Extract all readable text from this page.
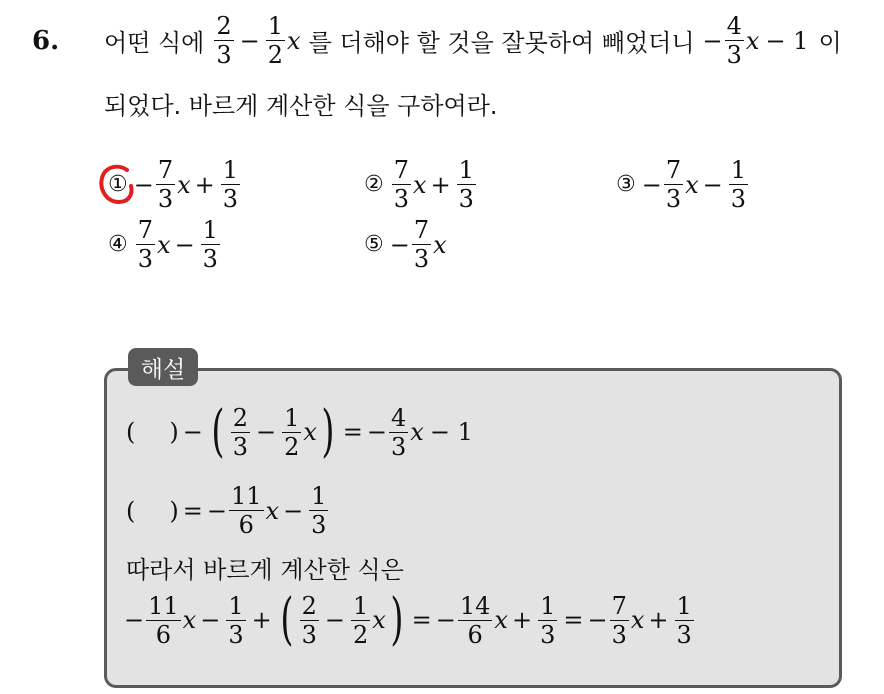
6. 어떤 식에 $\frac{2}{3} - \frac{1}{2}$ x 를 더해야 할 것을 잘못하여 빼었더니 − $\frac{4}{3}$ x − 1 이
되었다. 바르게 계산한 식을 구하여라.
① − $\frac{7}{3}$ $x + \frac{1}{3}$	② $\frac{7}{3}$ $x + \frac{1}{3}$	③ − $\frac{7}{3}$ $x - \frac{1}{3}$
④ $\frac{7}{3}$ $x - \frac{1}{3}$	⑤ − $\frac{7}{3}$ x
해설
( ) − ( $\frac{2}{3} - \frac{1}{2}$ x ) = − $\frac{4}{3}$ x − 1
( ) = − $\frac{11}{6}$ $x - \frac{1}{3}$
따라서 바르게 계산한 식은
− $\frac{11}{6}$ $x - \frac{1}{3}$ + ( $\frac{2}{3} - \frac{1}{2}$ x ) = − $\frac{14}{6}$ $x + \frac{1}{3}$ = − $\frac{7}{3}$ $x + \frac{1}{3}$
